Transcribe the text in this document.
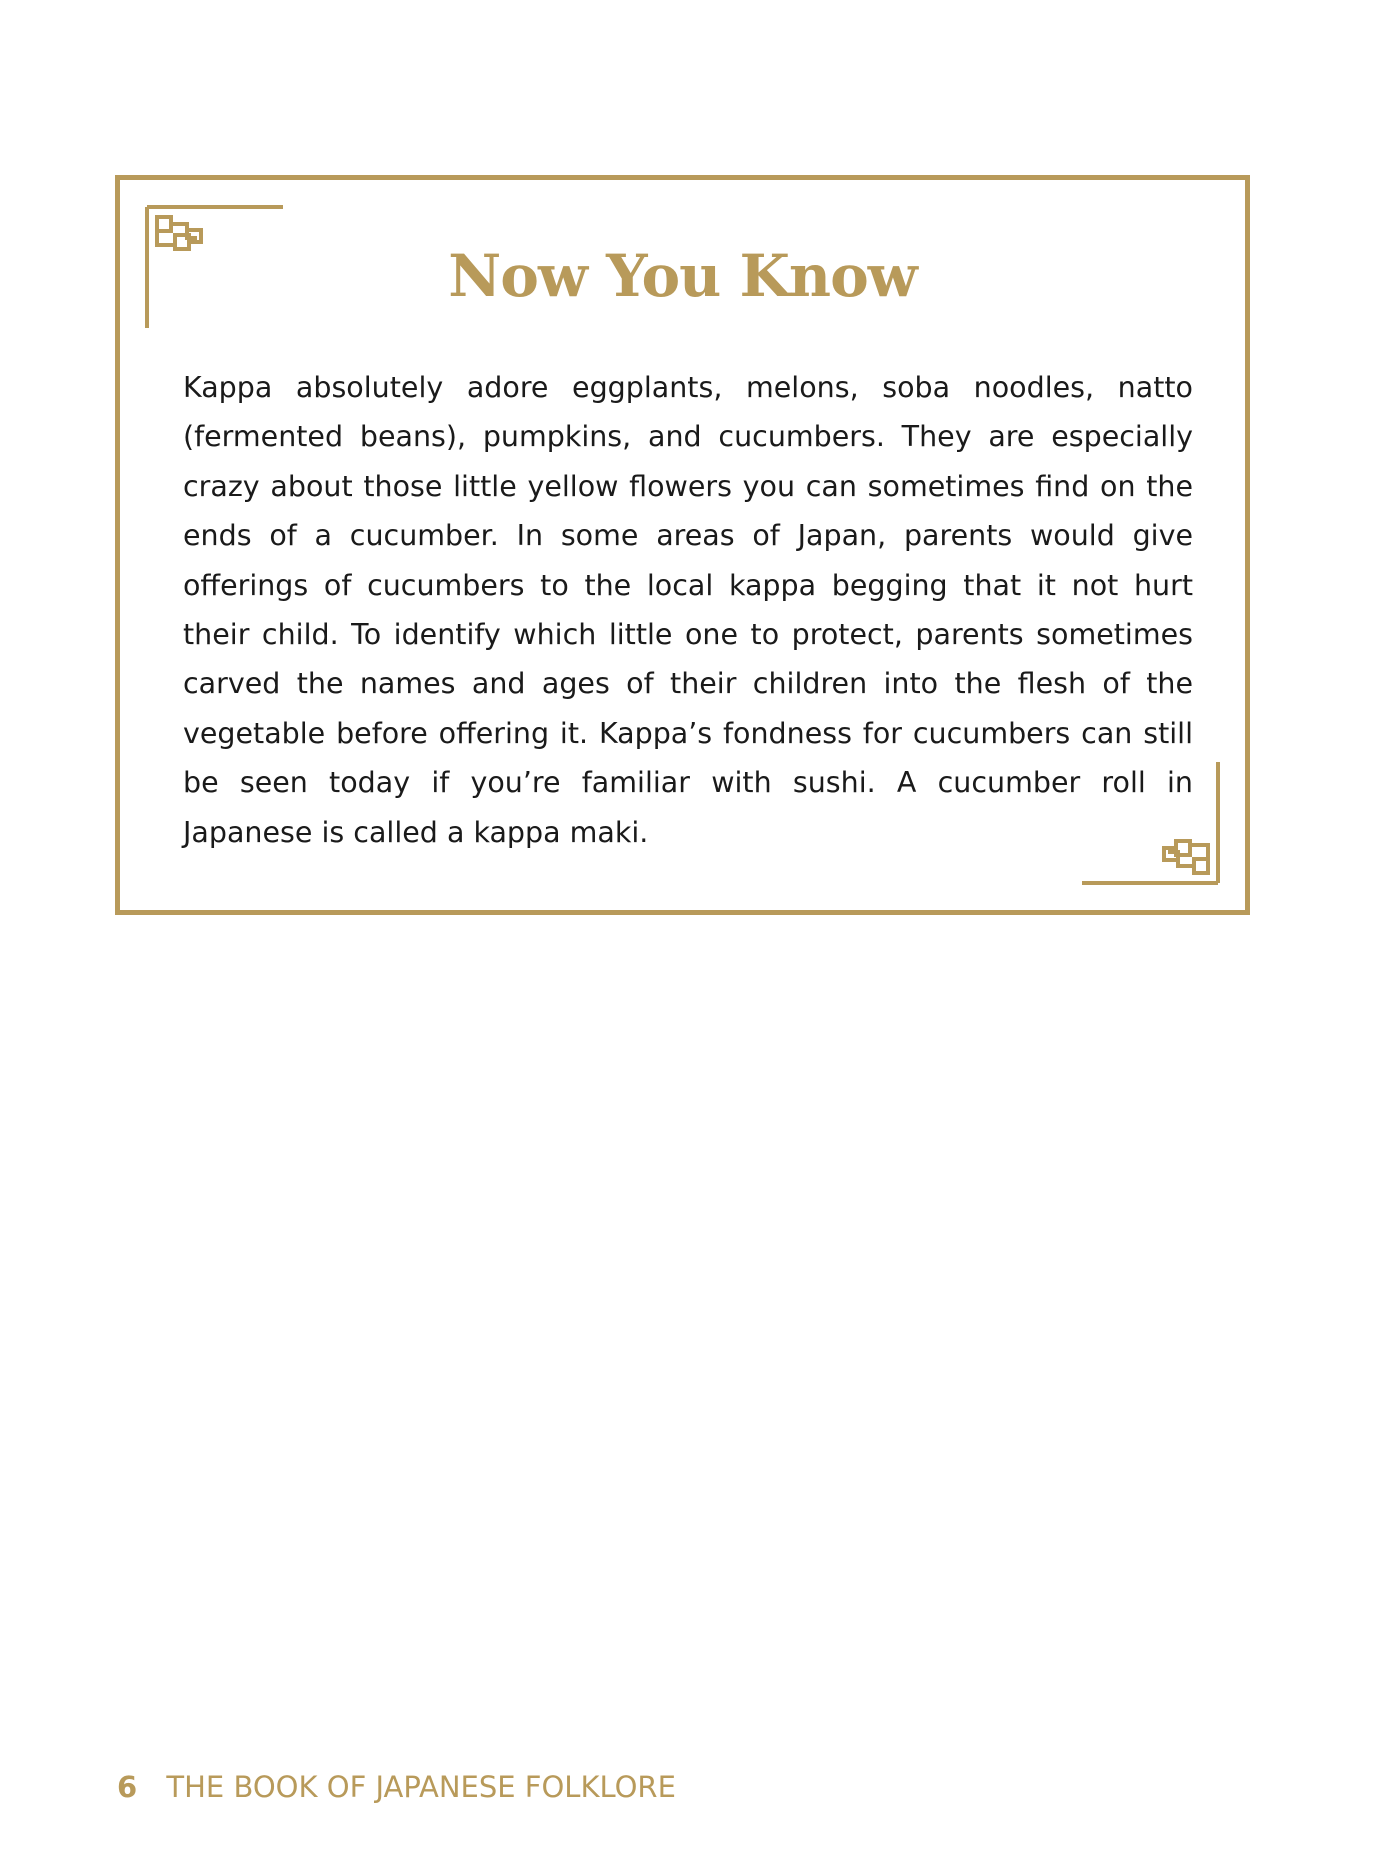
Now You Know

Kappa absolutely adore eggplants, melons, soba noodles, natto (fermented beans), pumpkins, and cucumbers. They are especially crazy about those little yellow flowers you can sometimes find on the ends of a cucumber. In some areas of Japan, parents would give offerings of cucumbers to the local kappa begging that it not hurt their child. To identify which little one to protect, parents sometimes carved the names and ages of their children into the flesh of the vegetable before offering it. Kappa’s fondness for cucumbers can still be seen today if you’re familiar with sushi. A cucumber roll in Japanese is called a kappa maki.

6 THE BOOK OF JAPANESE FOLKLORE
